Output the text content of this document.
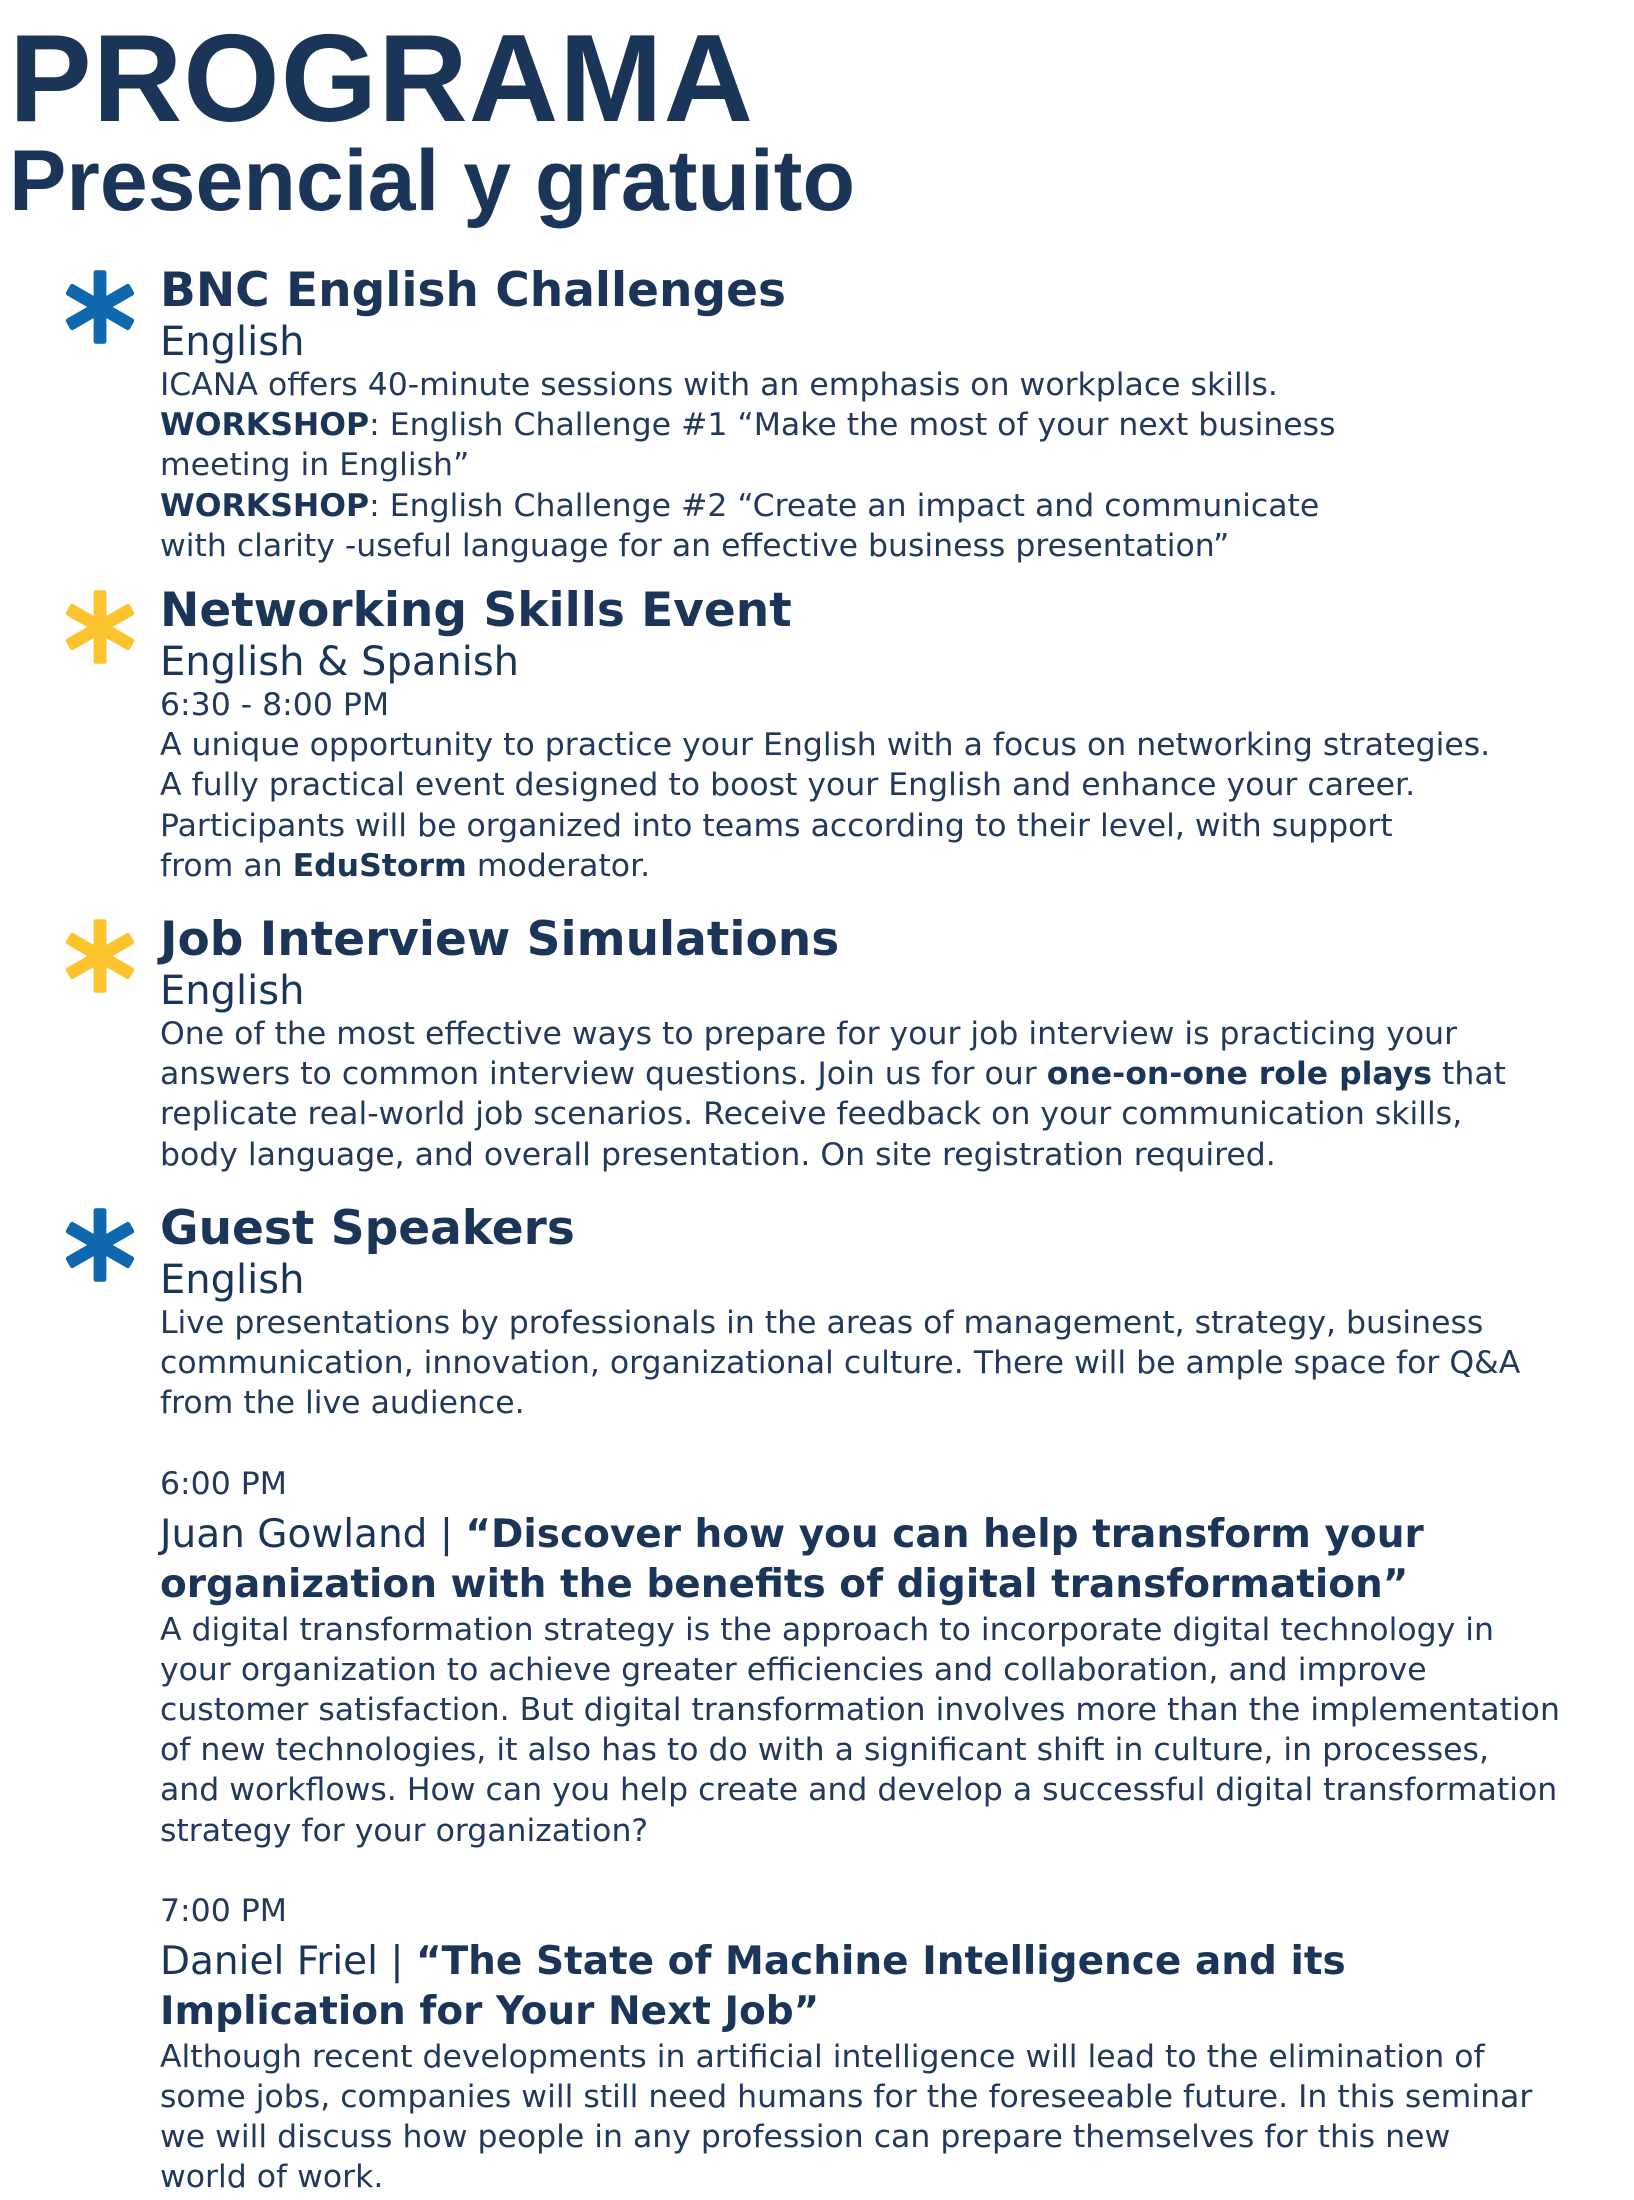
PROGRAMA
Presencial y gratuito
BNC English Challenges

English

ICANA offers 40-minute sessions with an emphasis on workplace skills.

WORKSHOP: English Challenge #1 “Make the most of your next business

meeting in English”

WORKSHOP: English Challenge #2 “Create an impact and communicate

with clarity -useful language for an effective business presentation”

Networking Skills Event

English & Spanish

6:30 - 8:00 PM

A unique opportunity to practice your English with a focus on networking strategies.

A fully practical event designed to boost your English and enhance your career.

Participants will be organized into teams according to their level, with support

from an EduStorm moderator.

Job Interview Simulations

English

One of the most effective ways to prepare for your job interview is practicing your

answers to common interview questions. Join us for our one-on-one role plays that

replicate real-world job scenarios. Receive feedback on your communication skills,

body language, and overall presentation. On site registration required.

Guest Speakers

English

Live presentations by professionals in the areas of management, strategy, business

communication, innovation, organizational culture. There will be ample space for Q&A

from the live audience.

6:00 PM

Juan Gowland | “Discover how you can help transform your

organization with the benefits of digital transformation”

A digital transformation strategy is the approach to incorporate digital technology in

your organization to achieve greater efficiencies and collaboration, and improve

customer satisfaction. But digital transformation involves more than the implementation

of new technologies, it also has to do with a significant shift in culture, in processes,

and workflows. How can you help create and develop a successful digital transformation

strategy for your organization?

7:00 PM

Daniel Friel | “The State of Machine Intelligence and its

Implication for Your Next Job”

Although recent developments in artificial intelligence will lead to the elimination of

some jobs, companies will still need humans for the foreseeable future. In this seminar

we will discuss how people in any profession can prepare themselves for this new

world of work.
